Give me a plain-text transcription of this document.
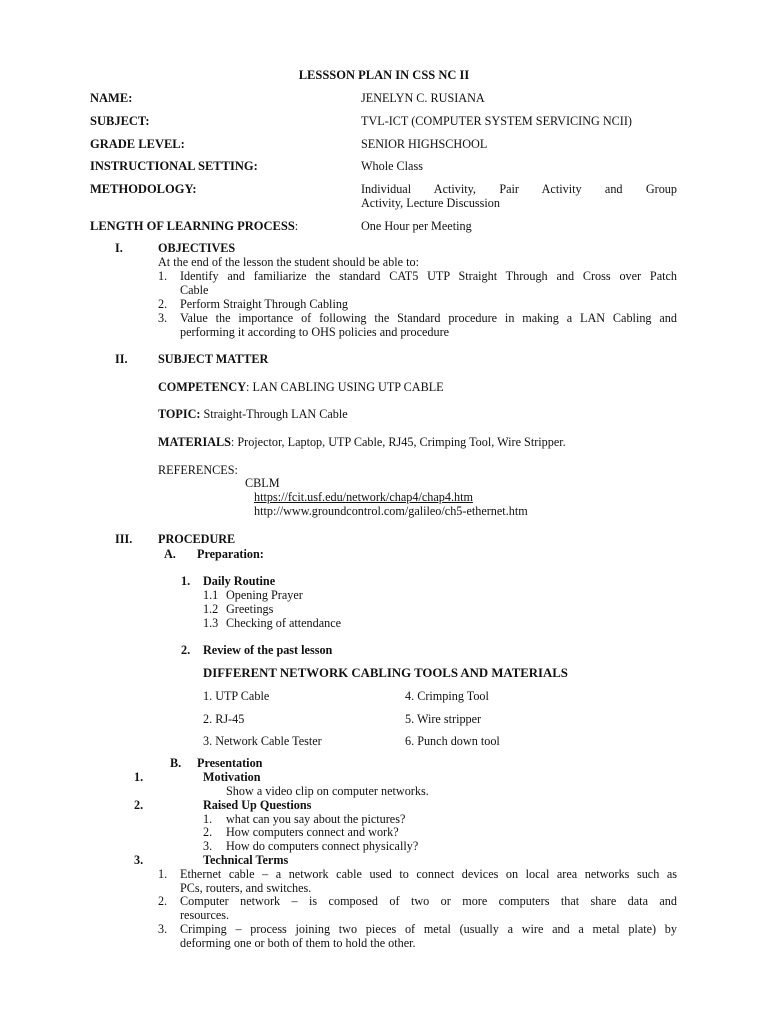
LESSSON PLAN IN CSS NC II
NAME:	JENELYN C. RUSIANA
SUBJECT:	TVL-ICT (COMPUTER SYSTEM SERVICING NCII)
GRADE LEVEL:	SENIOR HIGHSCHOOL
INSTRUCTIONAL SETTING:	Whole Class
METHODOLOGY:	Individual Activity, Pair Activity and Group
Activity, Lecture Discussion
LENGTH OF LEARNING PROCESS:	One Hour per Meeting
I.	OBJECTIVES
At the end of the lesson the student should be able to:
1. Identify and familiarize the standard CAT5 UTP Straight Through and Cross over Patch
Cable
2. Perform Straight Through Cabling
3. Value the importance of following the Standard procedure in making a LAN Cabling and
performing it according to OHS policies and procedure
II. SUBJECT MATTER
COMPETENCY: LAN CABLING USING UTP CABLE
TOPIC: Straight-Through LAN Cable
MATERIALS: Projector, Laptop, UTP Cable, RJ45, Crimping Tool, Wire Stripper.
REFERENCES:
CBLM
https://fcit.usf.edu/network/chap4/chap4.htm
http://www.groundcontrol.com/galileo/ch5-ethernet.htm
III. PROCEDURE
A. Preparation:
1. Daily Routine
1.1 Opening Prayer
1.2 Greetings
1.3 Checking of attendance
2. Review of the past lesson
DIFFERENT NETWORK CABLING TOOLS AND MATERIALS
1. UTP Cable	4. Crimping Tool
2. RJ-45	5. Wire stripper
3. Network Cable Tester	6. Punch down tool
B. Presentation
1.	Motivation
Show a video clip on computer networks.
2.	Raised Up Questions
1. what can you say about the pictures?
2. How computers connect and work?
3. How do computers connect physically?
3.	Technical Terms
1. Ethernet cable – a network cable used to connect devices on local area networks such as
PCs, routers, and switches.
2. Computer network – is composed of two or more computers that share data and
resources.
3. Crimping – process joining two pieces of metal (usually a wire and a metal plate) by
deforming one or both of them to hold the other.
